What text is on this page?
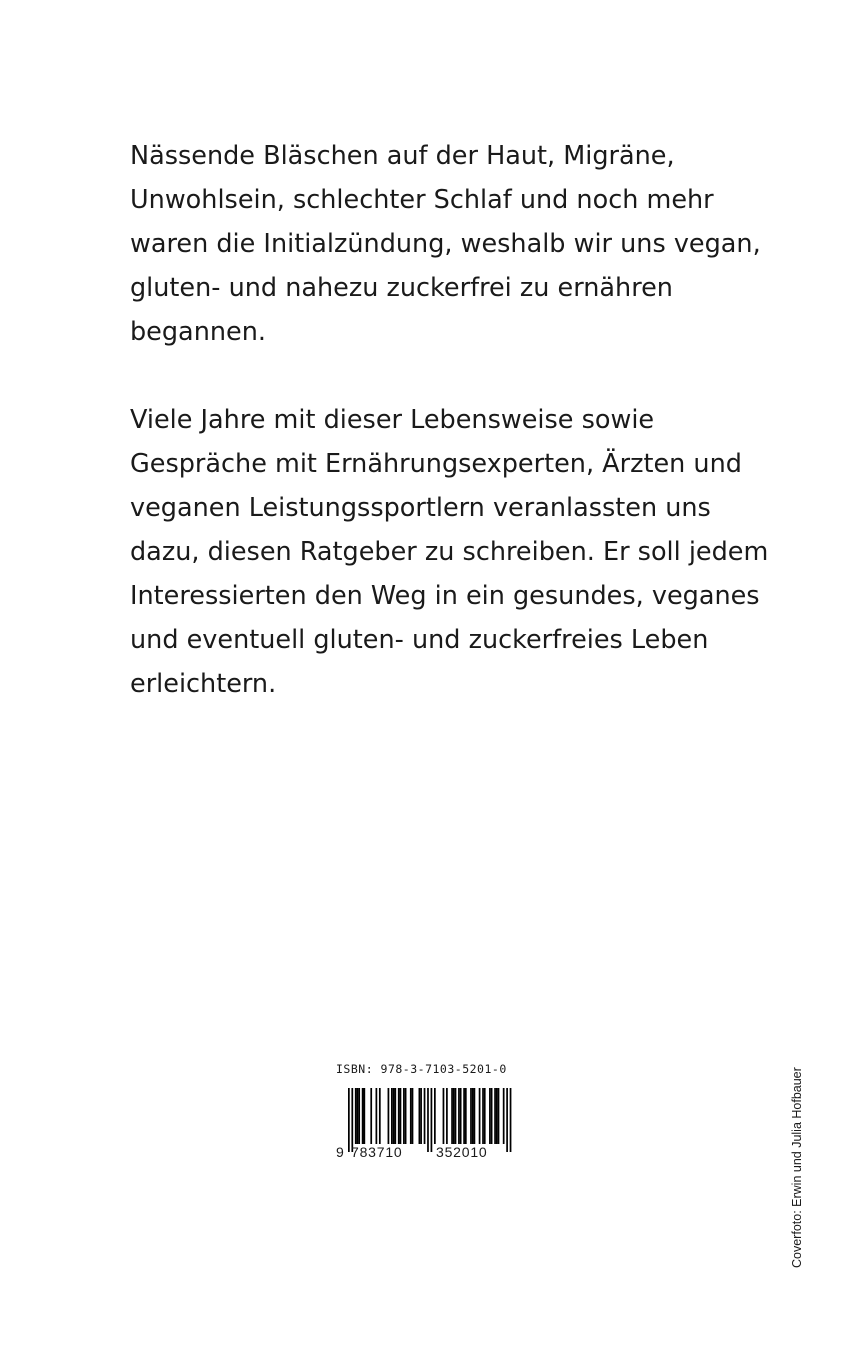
Nässende Bläschen auf der Haut, Migräne,
Unwohlsein, schlechter Schlaf und noch mehr
waren die Initialzündung, weshalb wir uns vegan,
gluten- und nahezu zuckerfrei zu ernähren
begannen.

Viele Jahre mit dieser Lebensweise sowie
Gespräche mit Ernährungsexperten, Ärzten und
veganen Leistungssportlern veranlassten uns
dazu, diesen Ratgeber zu schreiben. Er soll jedem
Interessierten den Weg in ein gesundes, veganes
und eventuell gluten- und zuckerfreies Leben
erleichtern.

ISBN: 978-3-7103-5201-0
9 783710 352010	Coverfoto: Erwin und Julia Hofbauer
